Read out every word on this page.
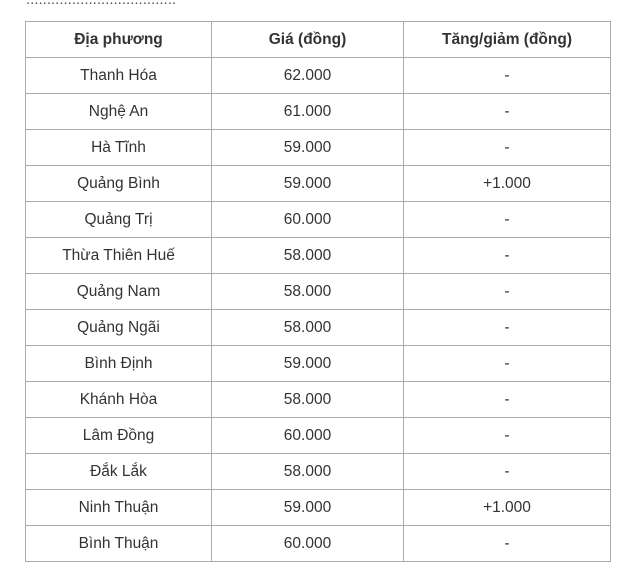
Địa phương	Giá (đồng)	Tăng/giảm (đồng)
Thanh Hóa	62.000	-
Nghệ An	61.000	-
Hà Tĩnh	59.000	-
Quảng Bình	59.000	+1.000
Quảng Trị	60.000	-
Thừa Thiên Huế	58.000	-
Quảng Nam	58.000	-
Quảng Ngãi	58.000	-
Bình Định	59.000	-
Khánh Hòa	58.000	-
Lâm Đồng	60.000	-
Đắk Lắk	58.000	-
Ninh Thuận	59.000	+1.000
Bình Thuận	60.000	-
